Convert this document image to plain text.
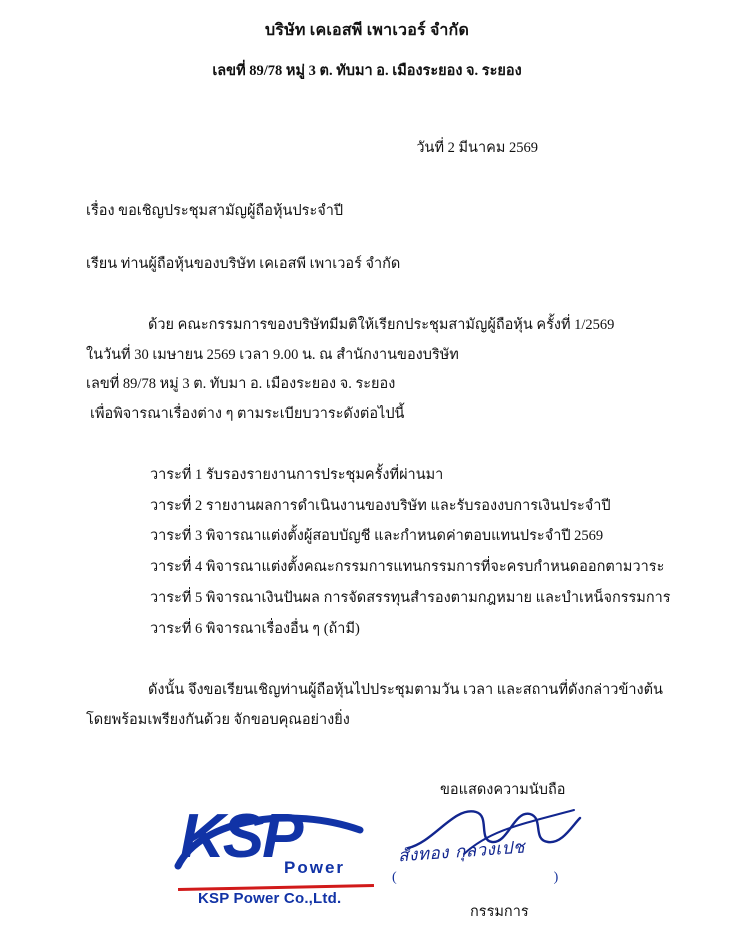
บริษัท เคเอสพี เพาเวอร์ จำกัด
เลขที่ 89/78 หมู่ 3 ต. ทับมา อ. เมืองระยอง จ. ระยอง
วันที่ 2 มีนาคม 2569
เรื่อง ขอเชิญประชุมสามัญผู้ถือหุ้นประจำปี
เรียน ท่านผู้ถือหุ้นของบริษัท เคเอสพี เพาเวอร์ จำกัด
ด้วย คณะกรรมการของบริษัทมีมติให้เรียกประชุมสามัญผู้ถือหุ้น ครั้งที่ 1/2569
ในวันที่ 30 เมษายน 2569 เวลา 9.00 น. ณ สำนักงานของบริษัท
เลขที่ 89/78 หมู่ 3 ต. ทับมา อ. เมืองระยอง จ. ระยอง
เพื่อพิจารณาเรื่องต่าง ๆ ตามระเบียบวาระดังต่อไปนี้
วาระที่ 1 รับรองรายงานการประชุมครั้งที่ผ่านมา
วาระที่ 2 รายงานผลการดำเนินงานของบริษัท และรับรองงบการเงินประจำปี
วาระที่ 3 พิจารณาแต่งตั้งผู้สอบบัญชี และกำหนดค่าตอบแทนประจำปี 2569
วาระที่ 4 พิจารณาแต่งตั้งคณะกรรมการแทนกรรมการที่จะครบกำหนดออกตามวาระ
วาระที่ 5 พิจารณาเงินปันผล การจัดสรรทุนสำรองตามกฎหมาย และบำเหน็จกรรมการ
วาระที่ 6 พิจารณาเรื่องอื่น ๆ (ถ้ามี)
ดังนั้น จึงขอเรียนเชิญท่านผู้ถือหุ้นไปประชุมตามวัน เวลา และสถานที่ดังกล่าวข้างต้น
โดยพร้อมเพรียงกันด้วย จักขอบคุณอย่างยิ่ง
ขอแสดงความนับถือ
KSP
Power
KSP Power Co.,Ltd.
สังทอง กุลวงเปช
(	)
กรรมการ
